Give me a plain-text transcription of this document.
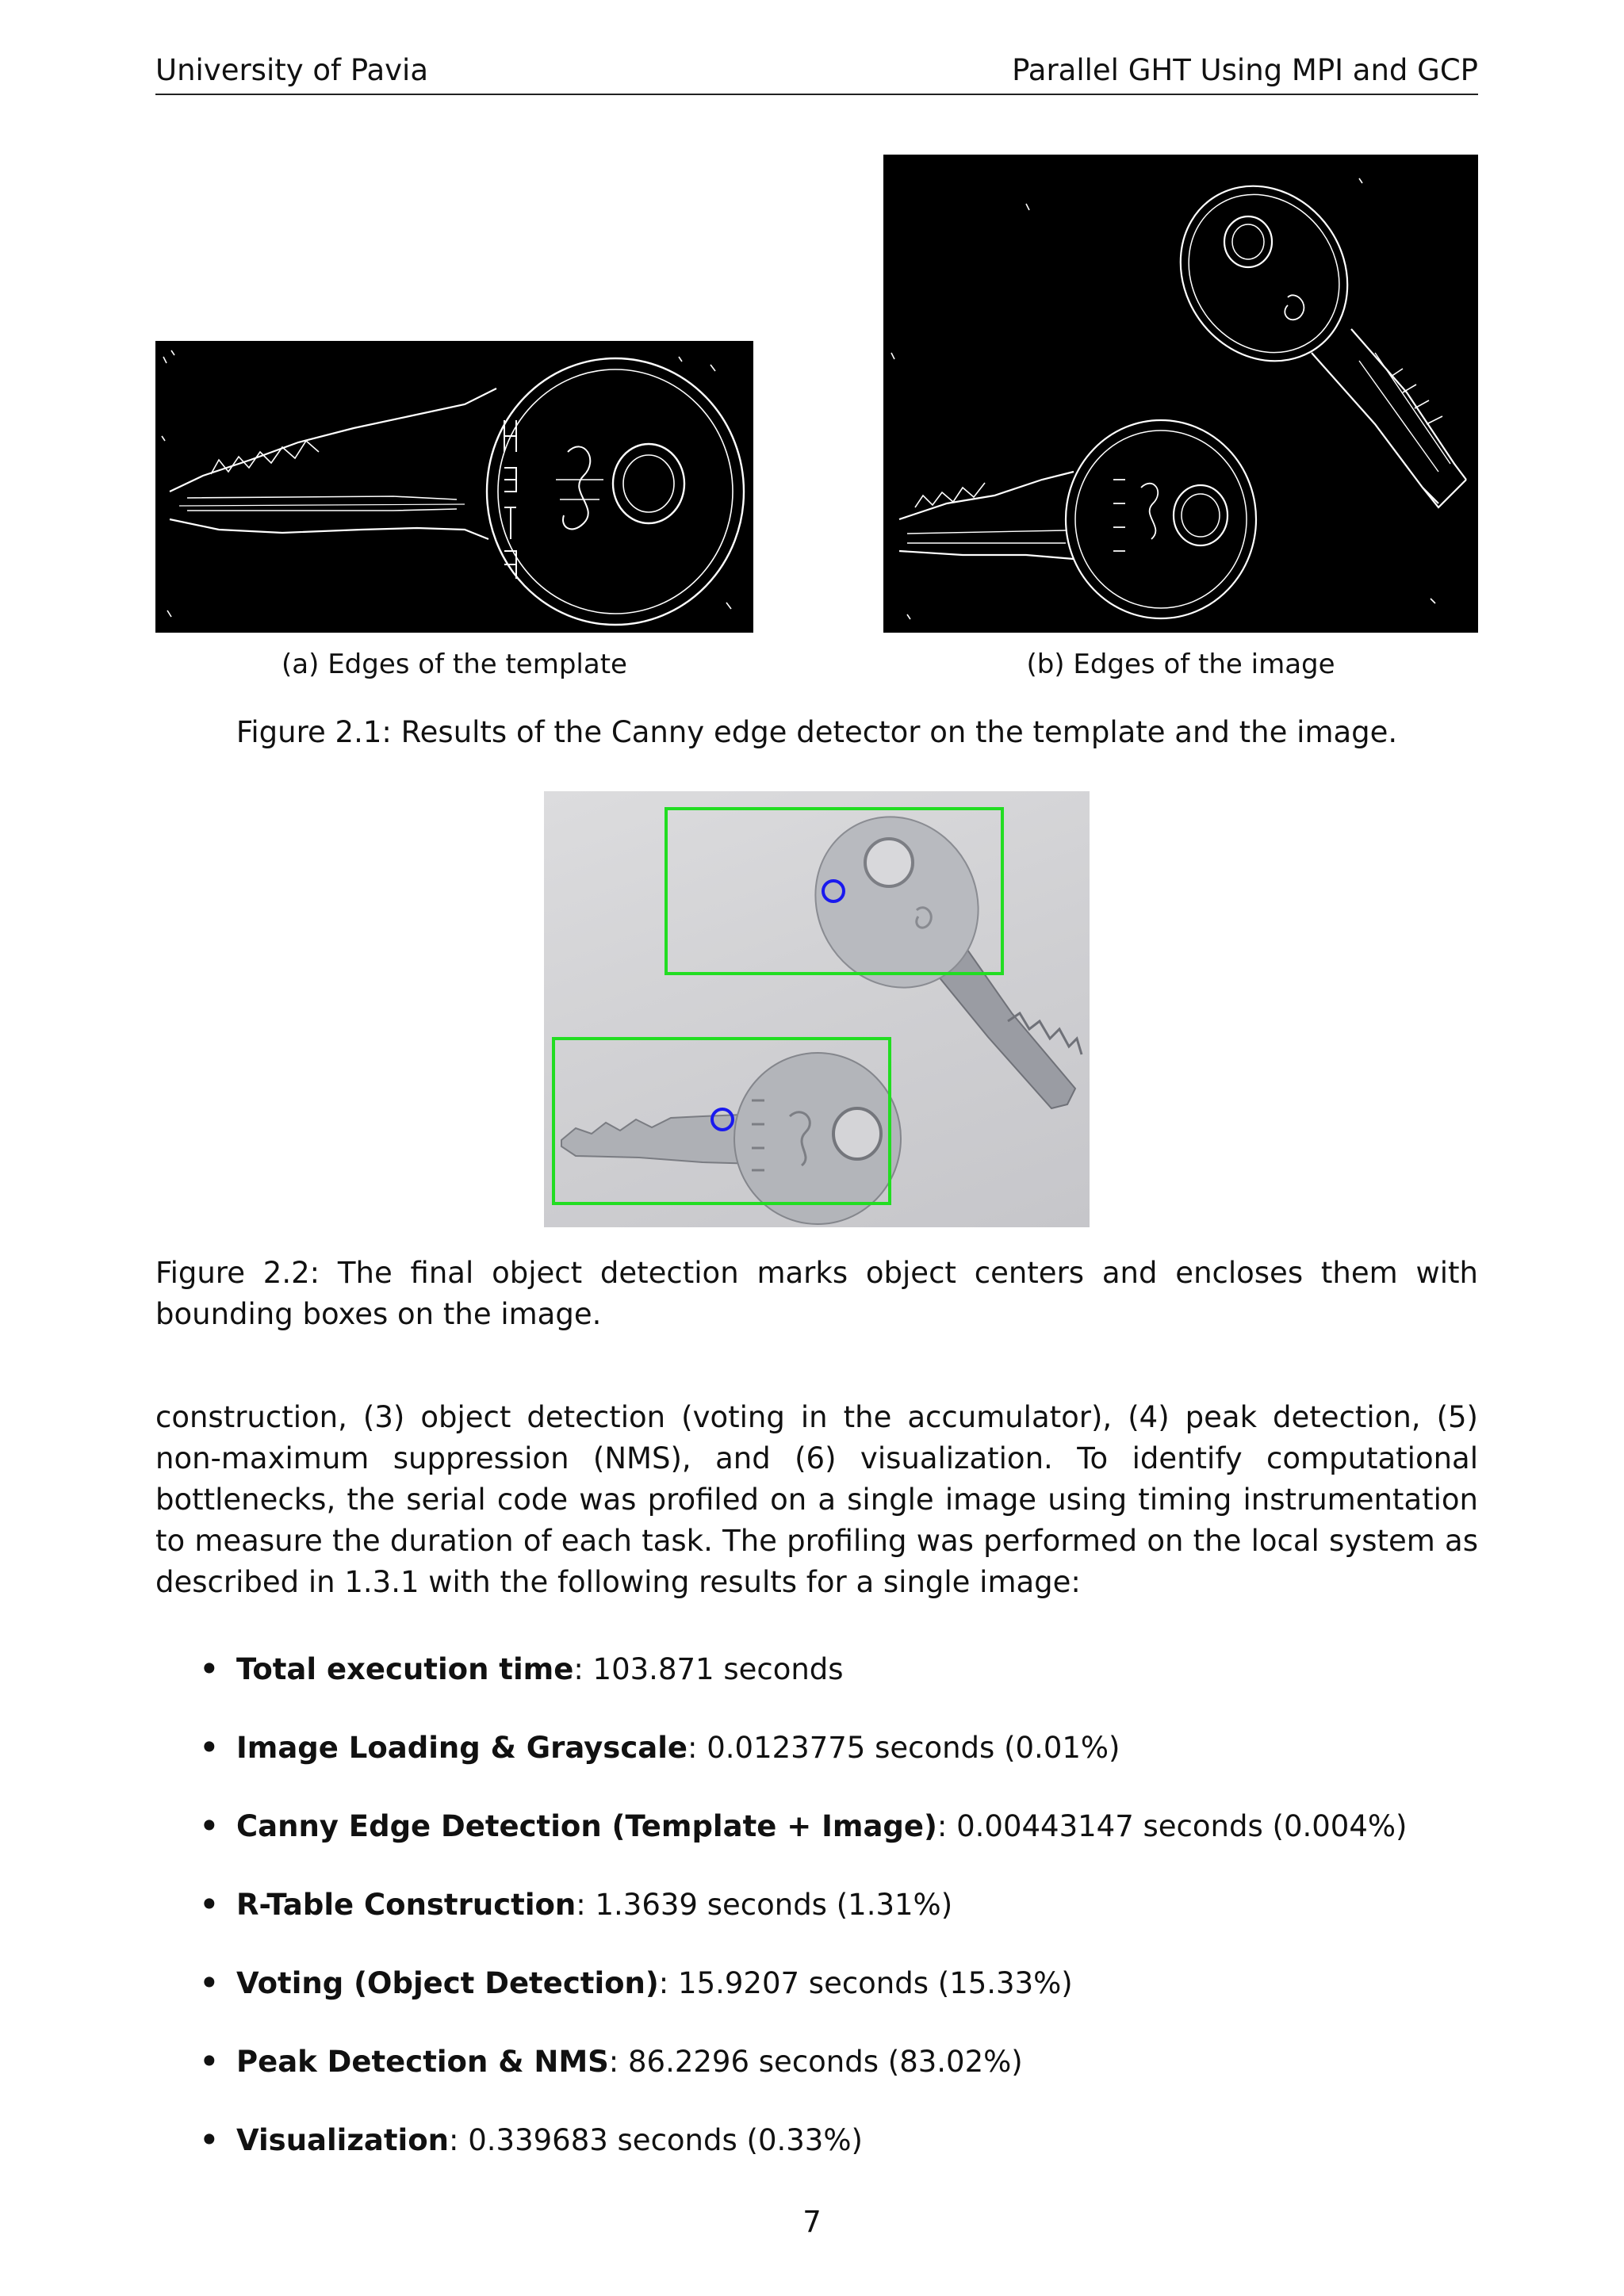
University of Pavia	Parallel GHT Using MPI and GCP
(a) Edges of the template	(b) Edges of the image
Figure 2.1: Results of the Canny edge detector on the template and the image.
Figure 2.2: The final object detection marks object centers and encloses them with bounding boxes on the image.

construction, (3) object detection (voting in the accumulator), (4) peak detection, (5) non-maximum suppression (NMS), and (6) visualization. To identify computational bottlenecks, the serial code was profiled on a single image using timing instrumentation to measure the duration of each task. The profiling was performed on the local system as described in 1.3.1 with the following results for a single image:

• Total execution time: 103.871 seconds
• Image Loading & Grayscale: 0.0123775 seconds (0.01%)
• Canny Edge Detection (Template + Image): 0.00443147 seconds (0.004%)
• R-Table Construction: 1.3639 seconds (1.31%)
• Voting (Object Detection): 15.9207 seconds (15.33%)
• Peak Detection & NMS: 86.2296 seconds (83.02%)
• Visualization: 0.339683 seconds (0.33%)
7
